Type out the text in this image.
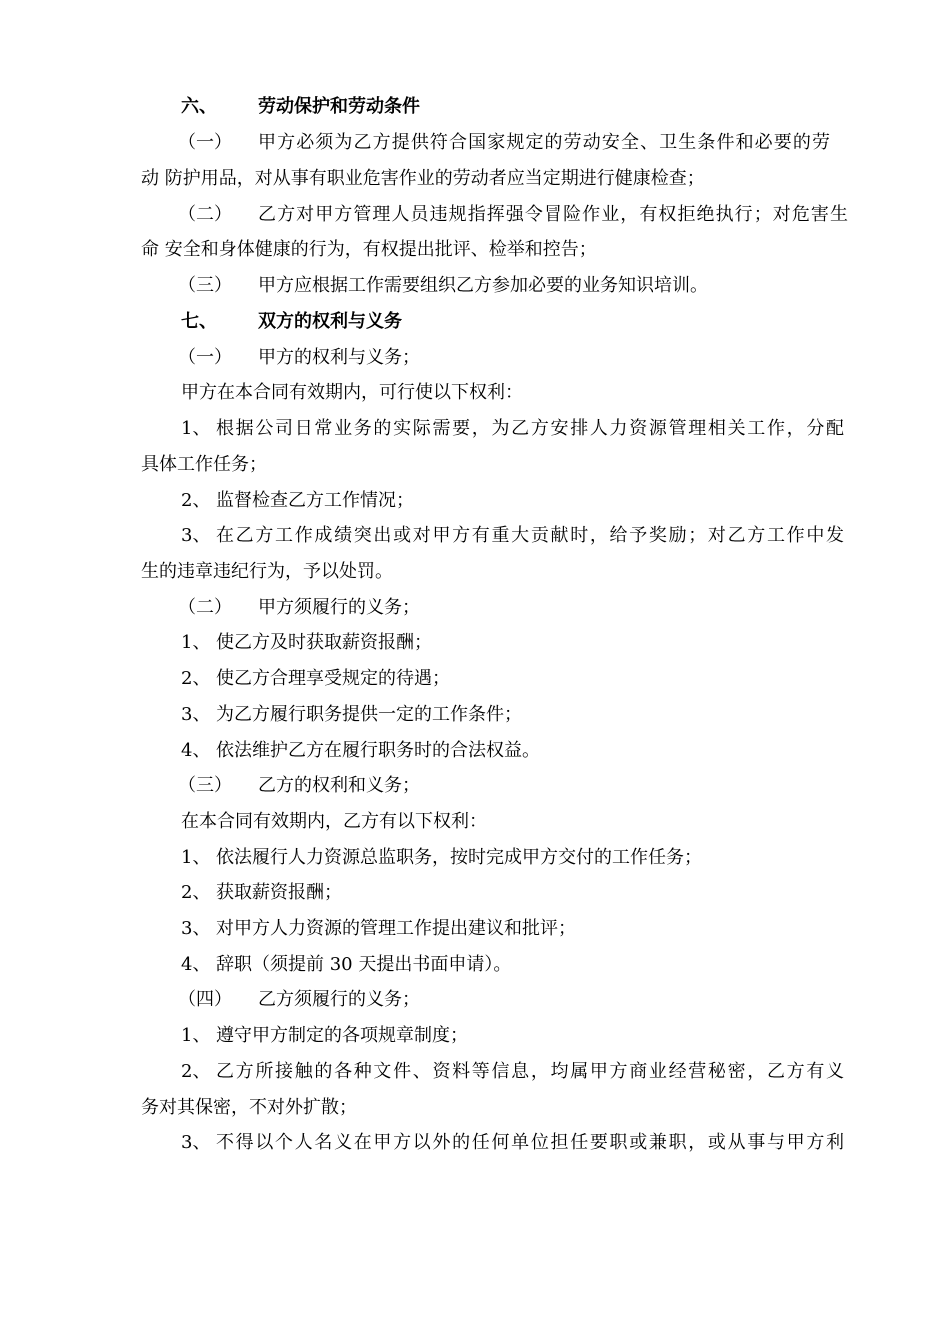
六、 劳动保护和劳动条件
（一） 甲方必须为乙方提供符合国家规定的劳动安全、卫生条件和必要的劳
动 防护用品，对从事有职业危害作业的劳动者应当定期进行健康检查；
（二） 乙方对甲方管理人员违规指挥强令冒险作业，有权拒绝执行；对危害生
命 安全和身体健康的行为，有权提出批评、检举和控告；
（三） 甲方应根据工作需要组织乙方参加必要的业务知识培训。
七、 双方的权利与义务
（一） 甲方的权利与义务；
甲方在本合同有效期内，可行使以下权利：
1、 根据公司日常业务的实际需要，为乙方安排人力资源管理相关工作，分配
具体工作任务；
2、 监督检查乙方工作情况；
3、 在乙方工作成绩突出或对甲方有重大贡献时，给予奖励；对乙方工作中发
生的违章违纪行为，予以处罚。
（二） 甲方须履行的义务；
1、 使乙方及时获取薪资报酬；
2、 使乙方合理享受规定的待遇；
3、 为乙方履行职务提供一定的工作条件；
4、 依法维护乙方在履行职务时的合法权益。
（三） 乙方的权利和义务；
在本合同有效期内，乙方有以下权利：
1、 依法履行人力资源总监职务，按时完成甲方交付的工作任务；
2、 获取薪资报酬；
3、 对甲方人力资源的管理工作提出建议和批评；
4、 辞职（须提前 30 天提出书面申请）。
（四） 乙方须履行的义务；
1、 遵守甲方制定的各项规章制度；
2、 乙方所接触的各种文件、资料等信息，均属甲方商业经营秘密，乙方有义
务对其保密，不对外扩散；
3、 不得以个人名义在甲方以外的任何单位担任要职或兼职，或从事与甲方利
